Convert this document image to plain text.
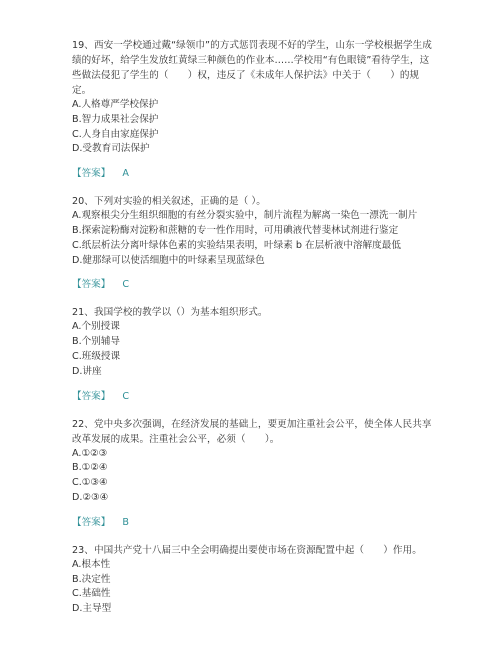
19、西安一学校通过戴“绿领巾”的方式惩罚表现不好的学生，山东一学校根据学生成绩的好坏，给学生发放红黄绿三种颜色的作业本……学校用“有色眼镜”看待学生，这些做法侵犯了学生的（　　）权，违反了《未成年人保护法》中关于（　　）的规定。

A.人格尊严学校保护

B.智力成果社会保护

C.人身自由家庭保护

D.受教育司法保护

【答案】 A

20、下列对实验的相关叙述，正确的是（ ）。

A.观察根尖分生组织细胞的有丝分裂实验中，制片流程为解离一染色一漂洗一制片

B.探索淀粉酶对淀粉和蔗糖的专一性作用时，可用碘液代替斐林试剂进行鉴定

C.纸层析法分离叶绿体色素的实验结果表明，叶绿素 b 在层析液中溶解度最低

D.健那绿可以使活细胞中的叶绿素呈现蓝绿色

【答案】 C

21、我国学校的教学以（）为基本组织形式。

A.个别授课

B.个别辅导

C.班级授课

D.讲座

【答案】 C

22、党中央多次强调，在经济发展的基础上，要更加注重社会公平，使全体人民共享改革发展的成果。注重社会公平，必须（　　）。

A.①②③

B.①②④

C.①③④

D.②③④

【答案】 B

23、中国共产党十八届三中全会明确提出要使市场在资源配置中起（　　）作用。

A.根本性

B.决定性

C.基础性

D.主导型
